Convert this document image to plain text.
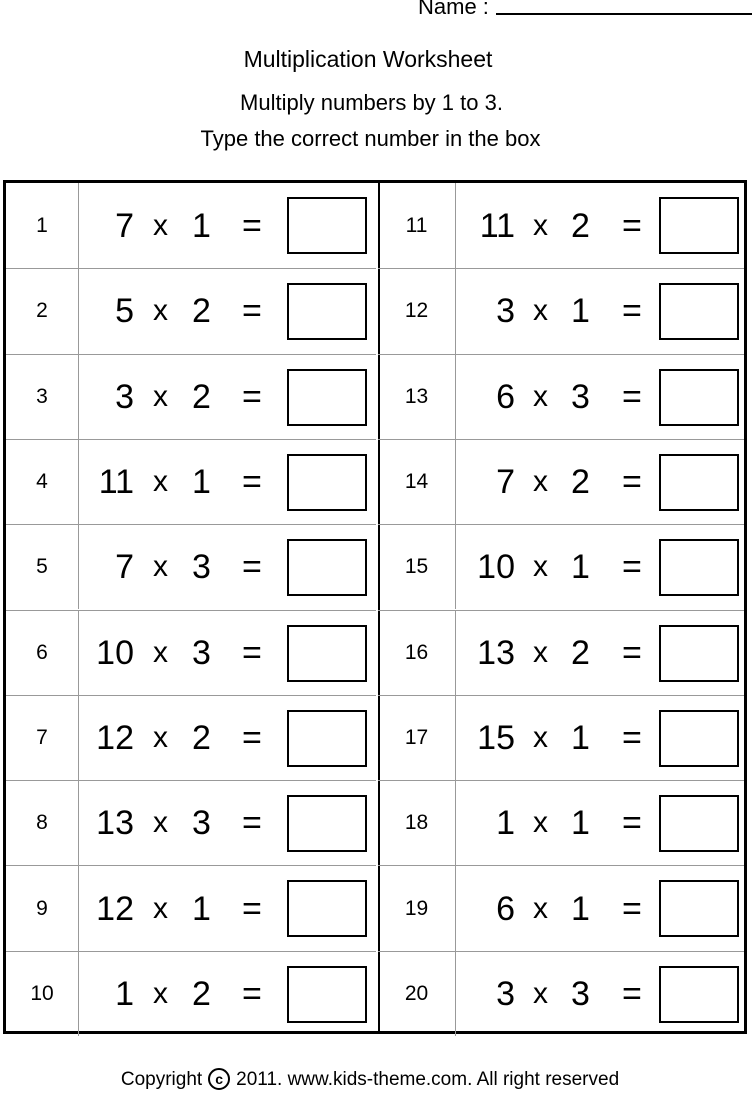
Name :
Multiplication Worksheet
Multiply numbers by 1 to 3.
Type the correct number in the box
1	7 x 1 =
2	5 x 2 =
3	3 x 2 =
4	11 x 1 =
5	7 x 3 =
6	10 x 3 =
7	12 x 2 =
8	13 x 3 =
9	12 x 1 =
10	1 x 2 =
11	11 x 2 =
12	3 x 1 =
13	6 x 3 =
14	7 x 2 =
15	10 x 1 =
16	13 x 2 =
17	15 x 1 =
18	1 x 1 =
19	6 x 1 =
20	3 x 3 =
Copyright c 2011. www.kids-theme.com. All right reserved
